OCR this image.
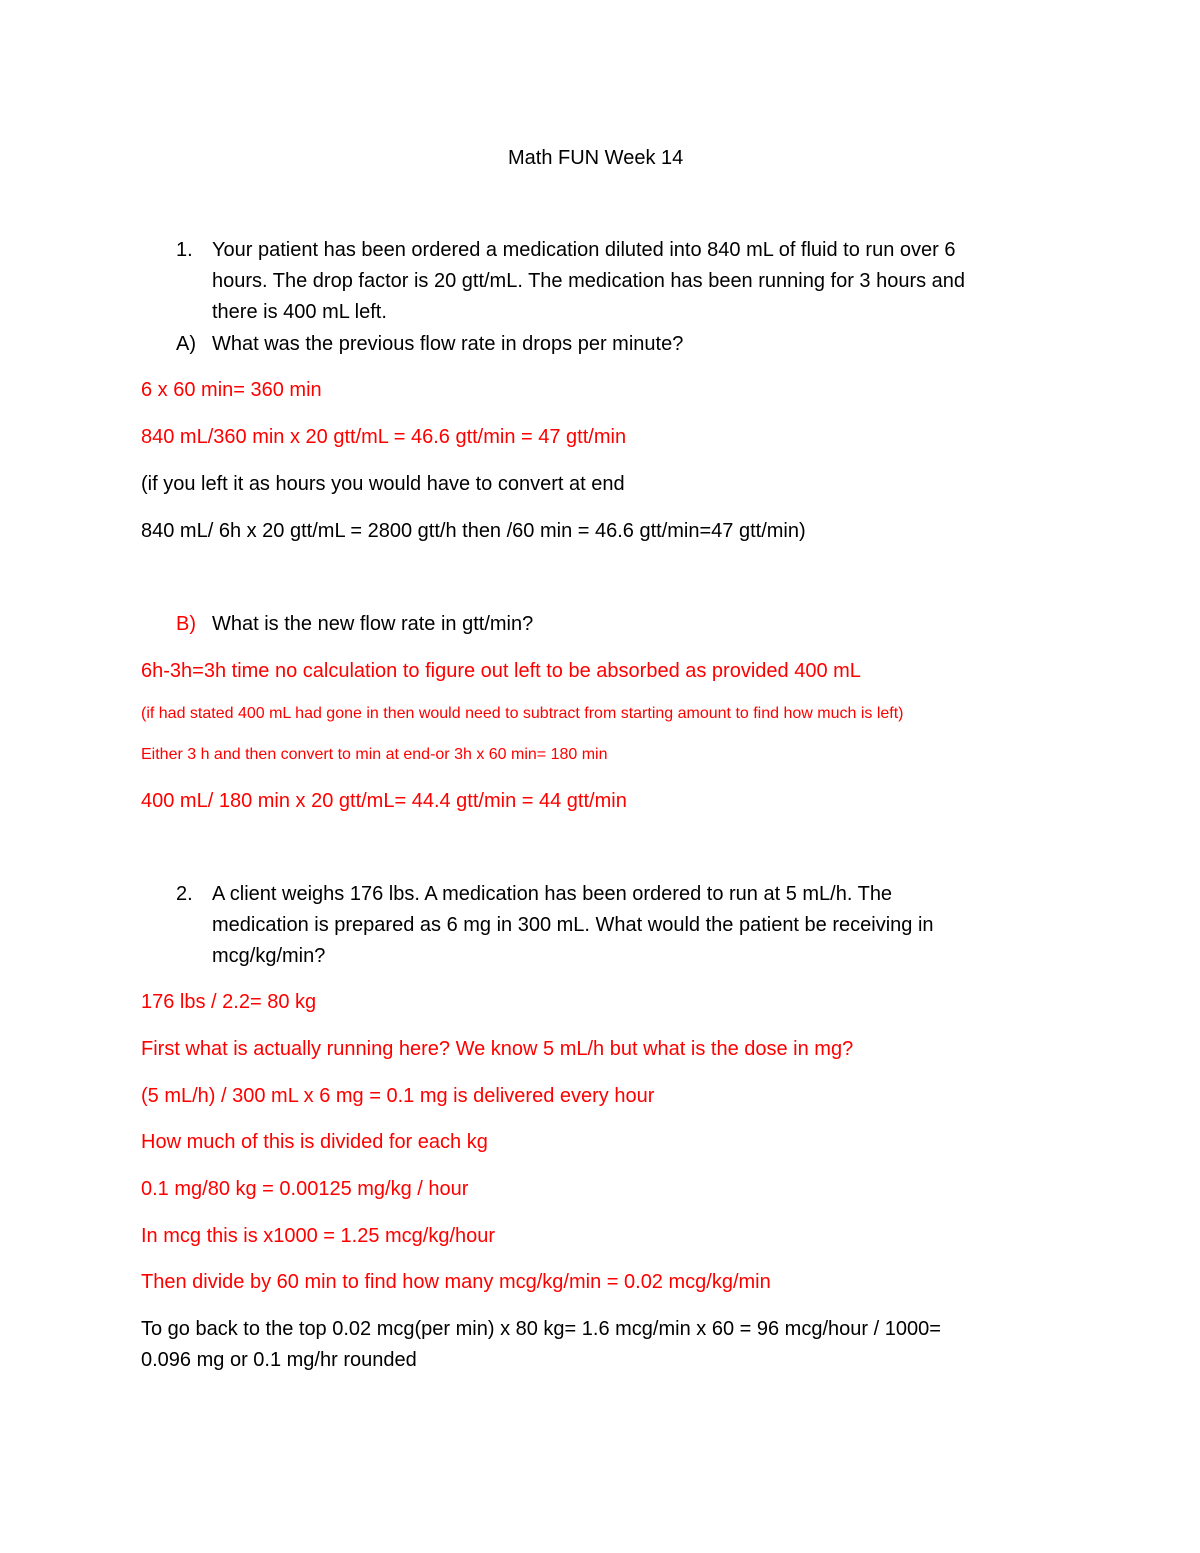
Math FUN Week 14

1. Your patient has been ordered a medication diluted into 840 mL of fluid to run over 6

hours. The drop factor is 20 gtt/mL. The medication has been running for 3 hours and

there is 400 mL left.

A) What was the previous flow rate in drops per minute?

6 x 60 min= 360 min

840 mL/360 min x 20 gtt/mL = 46.6 gtt/min = 47 gtt/min

(if you left it as hours you would have to convert at end

840 mL/ 6h x 20 gtt/mL = 2800 gtt/h then /60 min = 46.6 gtt/min=47 gtt/min)

B) What is the new flow rate in gtt/min?

6h-3h=3h time no calculation to figure out left to be absorbed as provided 400 mL

(if had stated 400 mL had gone in then would need to subtract from starting amount to find how much is left)

Either 3 h and then convert to min at end-or 3h x 60 min= 180 min

400 mL/ 180 min x 20 gtt/mL= 44.4 gtt/min = 44 gtt/min

2. A client weighs 176 lbs. A medication has been ordered to run at 5 mL/h. The

medication is prepared as 6 mg in 300 mL. What would the patient be receiving in

mcg/kg/min?

176 lbs / 2.2= 80 kg

First what is actually running here? We know 5 mL/h but what is the dose in mg?

(5 mL/h) / 300 mL x 6 mg = 0.1 mg is delivered every hour

How much of this is divided for each kg

0.1 mg/80 kg = 0.00125 mg/kg / hour

In mcg this is x1000 = 1.25 mcg/kg/hour

Then divide by 60 min to find how many mcg/kg/min = 0.02 mcg/kg/min

To go back to the top 0.02 mcg(per min) x 80 kg= 1.6 mcg/min x 60 = 96 mcg/hour / 1000=

0.096 mg or 0.1 mg/hr rounded
